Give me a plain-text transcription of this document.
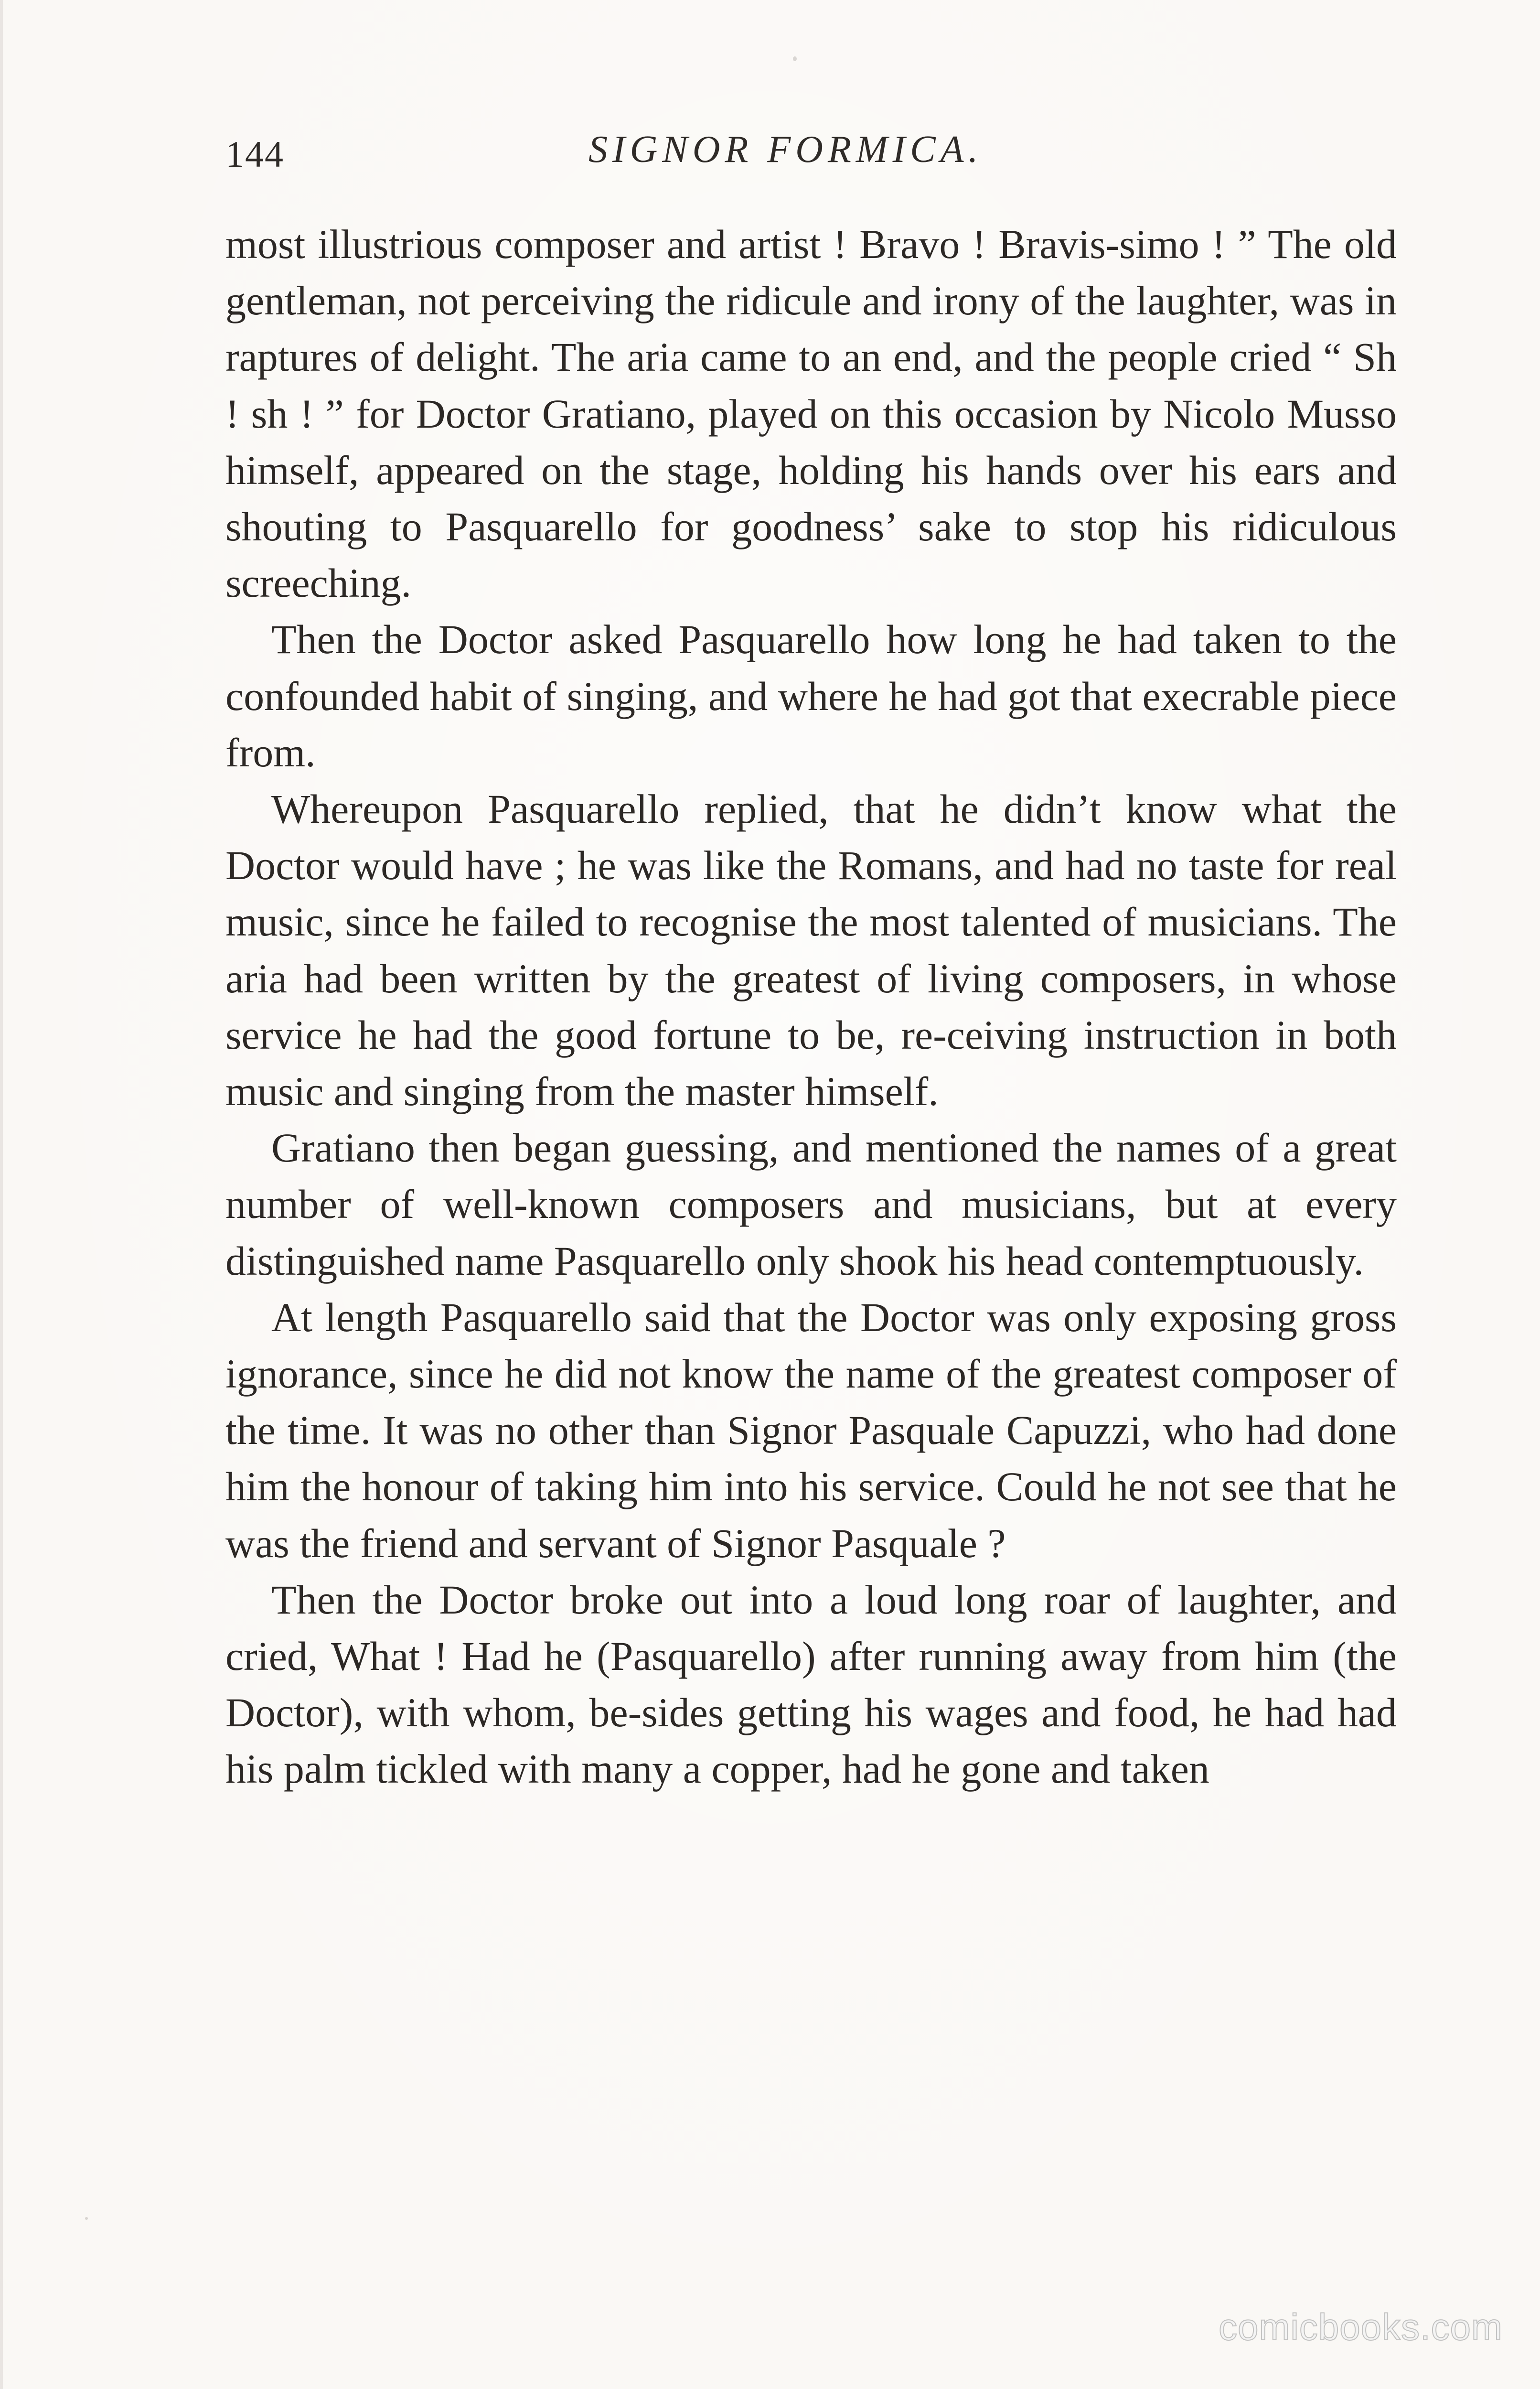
144	SIGNOR FORMICA.

most illustrious composer and artist ! Bravo ! Bravis-simo ! ” The old gentleman, not perceiving the ridicule and irony of the laughter, was in raptures of delight. The aria came to an end, and the people cried “ Sh ! sh ! ” for Doctor Gratiano, played on this occasion by Nicolo Musso himself, appeared on the stage, holding his hands over his ears and shouting to Pasquarello for goodness’ sake to stop his ridiculous screeching.

Then the Doctor asked Pasquarello how long he had taken to the confounded habit of singing, and where he had got that execrable piece from.

Whereupon Pasquarello replied, that he didn’t know what the Doctor would have ; he was like the Romans, and had no taste for real music, since he failed to recognise the most talented of musicians. The aria had been written by the greatest of living composers, in whose service he had the good fortune to be, re-ceiving instruction in both music and singing from the master himself.

Gratiano then began guessing, and mentioned the names of a great number of well-known composers and musicians, but at every distinguished name Pasquarello only shook his head contemptuously.

At length Pasquarello said that the Doctor was only exposing gross ignorance, since he did not know the name of the greatest composer of the time. It was no other than Signor Pasquale Capuzzi, who had done him the honour of taking him into his service. Could he not see that he was the friend and servant of Signor Pasquale ?

Then the Doctor broke out into a loud long roar of laughter, and cried, What ! Had he (Pasquarello) after running away from him (the Doctor), with whom, be-sides getting his wages and food, he had had his palm tickled with many a copper, had he gone and taken

comicbooks.com
